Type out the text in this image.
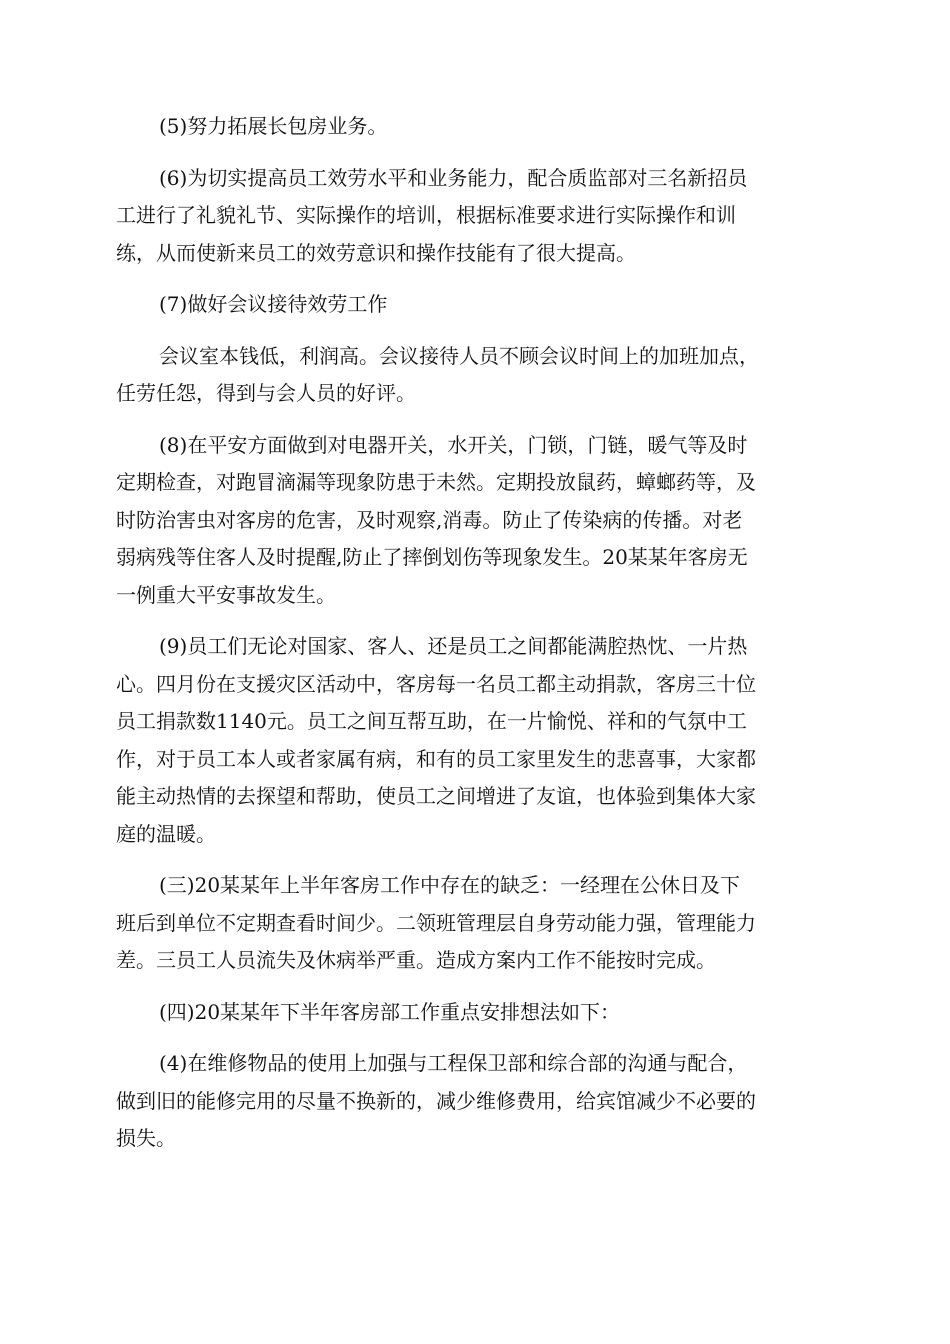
(5)努力拓展长包房业务。

(6)为切实提高员工效劳水平和业务能力，配合质监部对三名新招员
工进行了礼貌礼节、实际操作的培训，根据标准要求进行实际操作和训
练，从而使新来员工的效劳意识和操作技能有了很大提高。

(7)做好会议接待效劳工作

会议室本钱低，利润高。会议接待人员不顾会议时间上的加班加点，
任劳任怨，得到与会人员的好评。

(8)在平安方面做到对电器开关，水开关，门锁，门链，暖气等及时
定期检查，对跑冒滴漏等现象防患于未然。定期投放鼠药，蟑螂药等，及
时防治害虫对客房的危害，及时观察,消毒。防止了传染病的传播。对老
弱病残等住客人及时提醒,防止了摔倒划伤等现象发生。20某某年客房无
一例重大平安事故发生。

(9)员工们无论对国家、客人、还是员工之间都能满腔热忱、一片热
心。四月份在支援灾区活动中，客房每一名员工都主动捐款，客房三十位
员工捐款数1140元。员工之间互帮互助，在一片愉悦、祥和的气氛中工
作，对于员工本人或者家属有病，和有的员工家里发生的悲喜事，大家都
能主动热情的去探望和帮助，使员工之间增进了友谊，也体验到集体大家
庭的温暖。

(三)20某某年上半年客房工作中存在的缺乏：一经理在公休日及下
班后到单位不定期查看时间少。二领班管理层自身劳动能力强，管理能力
差。三员工人员流失及休病举严重。造成方案内工作不能按时完成。

(四)20某某年下半年客房部工作重点安排想法如下：

(4)在维修物品的使用上加强与工程保卫部和综合部的沟通与配合，
做到旧的能修完用的尽量不换新的，减少维修费用，给宾馆减少不必要的
损失。
